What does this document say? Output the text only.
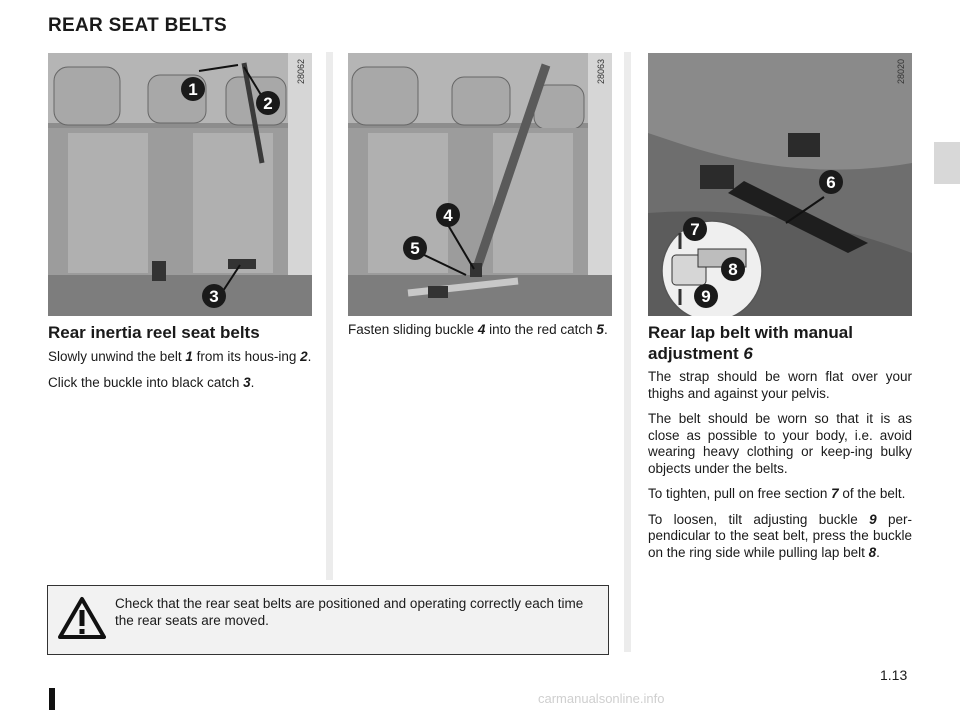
REAR SEAT BELTS
1
2
3
28062
4
5
28063
6
7
8
9
28020
Rear inertia reel seat belts

Slowly unwind the belt 1 from its hous-ing 2.

Click the buckle into black catch 3.

Fasten sliding buckle 4 into the red catch 5. Rear lap belt with manual adjustment 6

The strap should be worn flat over your thighs and against your pelvis.

The belt should be worn so that it is as close as possible to your body, i.e. avoid wearing heavy clothing or keep-ing bulky objects under the belts.

To tighten, pull on free section 7 of the belt.

To loosen, tilt adjusting buckle 9 per-pendicular to the seat belt, press the buckle on the ring side while pulling lap belt 8.

Check that the rear seat belts are positioned and operating correctly each time the rear seats are moved.

1.13

carmanualsonline.info
